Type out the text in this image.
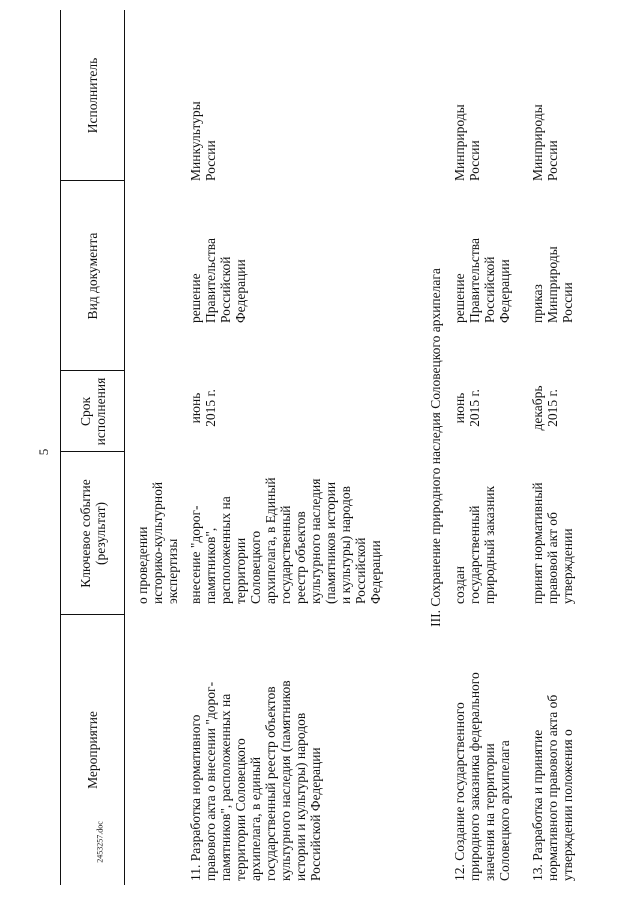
5
2453257.doc
Мероприятие
Ключевое событие
(результат)
Срок
исполнения
Вид документа
Исполнитель
о проведении
историко-культурной
экспертизы
11. Разработка нормативного
правового акта о внесении "дорог-
памятников", расположенных на
территории Соловецкого
архипелага, в единый
государственный реестр объектов
культурного наследия (памятников
истории и культуры) народов
Российской Федерации
внесение "дорог-
памятников",
расположенных на
территории
Соловецкого
архипелага, в Единый
государственный
реестр объектов
культурного наследия
(памятников истории
и культуры) народов
Российской
Федерации
июнь
2015 г.
решение
Правительства
Российской
Федерации
Минкультуры
России
III. Сохранение природного наследия Соловецкого архипелага
12. Создание государственного
природного заказника федерального
значения на территории
Соловецкого архипелага
создан
государственный
природный заказник
июнь
2015 г.
решение
Правительства
Российской
Федерации
Минприроды
России
13. Разработка и принятие
нормативного правового акта об
утверждении положения о
принят нормативный
правовой акт об
утверждении
декабрь
2015 г.
приказ
Минприроды
России
Минприроды
России
